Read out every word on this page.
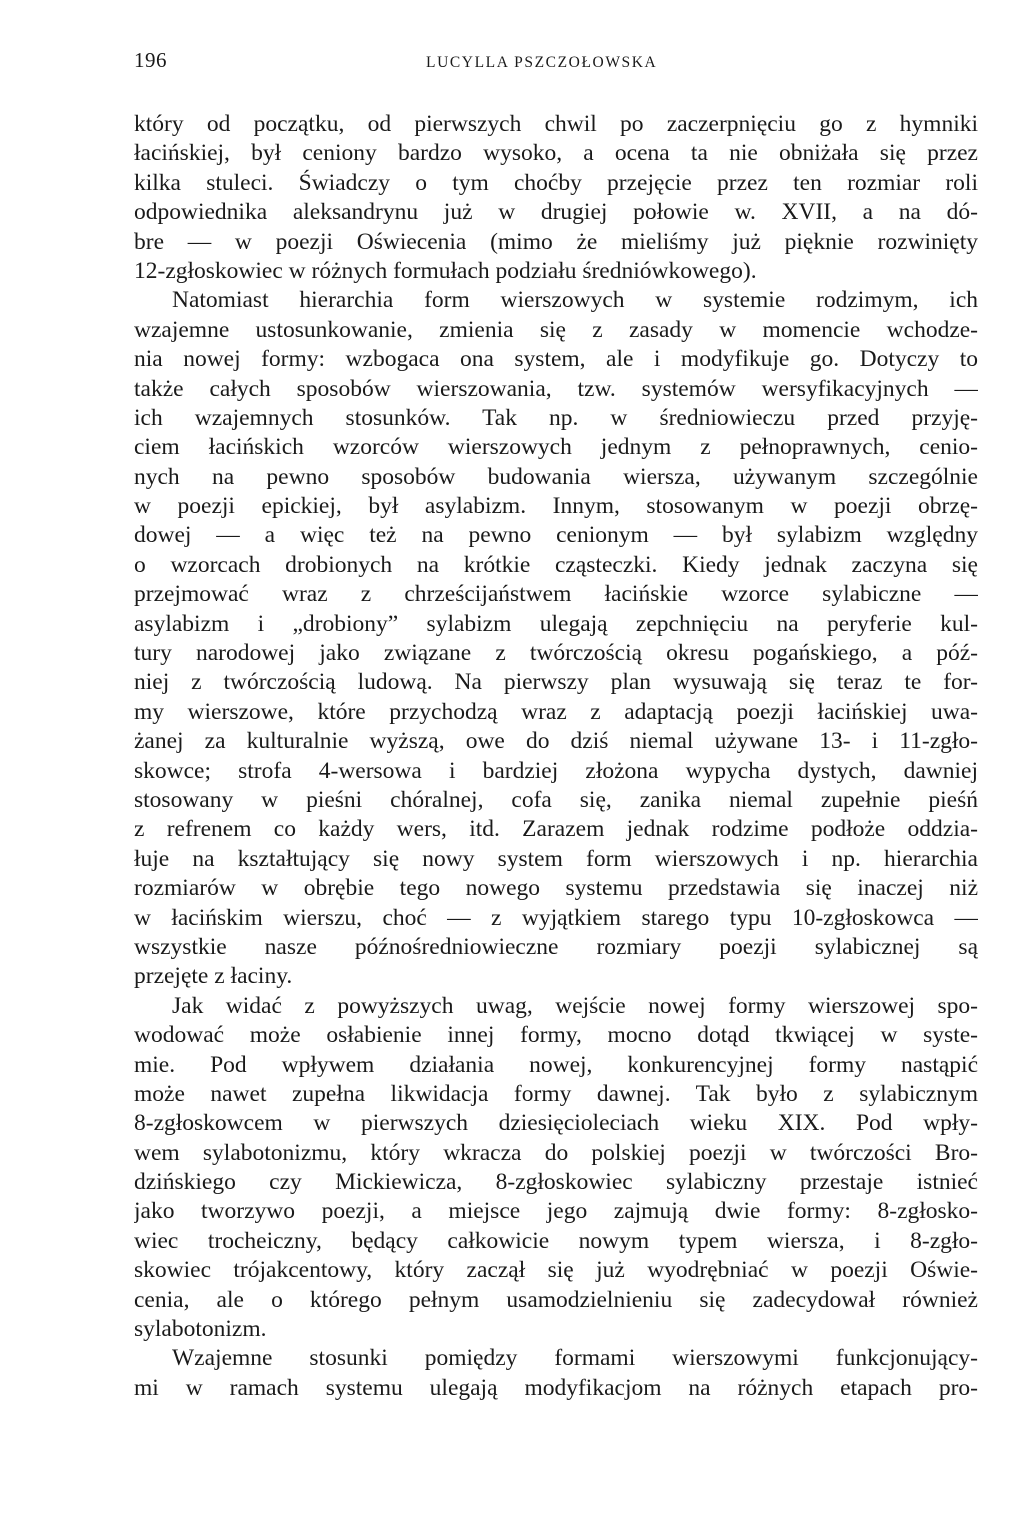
196	LUCYLLA PSZCZOŁOWSKA

który od początku, od pierwszych chwil po zaczerpnięciu go z hymniki

łacińskiej, był ceniony bardzo wysoko, a ocena ta nie obniżała się przez

kilka stuleci. Świadczy o tym choćby przejęcie przez ten rozmiar roli

odpowiednika aleksandrynu już w drugiej połowie w. XVII, a na dó-

bre — w poezji Oświecenia (mimo że mieliśmy już pięknie rozwinięty

12-zgłoskowiec w różnych formułach podziału średniówkowego).

Natomiast hierarchia form wierszowych w systemie rodzimym, ich

wzajemne ustosunkowanie, zmienia się z zasady w momencie wchodze-

nia nowej formy: wzbogaca ona system, ale i modyfikuje go. Dotyczy to

także całych sposobów wierszowania, tzw. systemów wersyfikacyjnych —

ich wzajemnych stosunków. Tak np. w średniowieczu przed przyję-

ciem łacińskich wzorców wierszowych jednym z pełnoprawnych, cenio-

nych na pewno sposobów budowania wiersza, używanym szczególnie

w poezji epickiej, był asylabizm. Innym, stosowanym w poezji obrzę-

dowej — a więc też na pewno cenionym — był sylabizm względny

o wzorcach drobionych na krótkie cząsteczki. Kiedy jednak zaczyna się

przejmować wraz z chrześcijaństwem łacińskie wzorce sylabiczne —

asylabizm i „drobiony” sylabizm ulegają zepchnięciu na peryferie kul-

tury narodowej jako związane z twórczością okresu pogańskiego, a póź-

niej z twórczością ludową. Na pierwszy plan wysuwają się teraz te for-

my wierszowe, które przychodzą wraz z adaptacją poezji łacińskiej uwa-

żanej za kulturalnie wyższą, owe do dziś niemal używane 13- i 11-zgło-

skowce; strofa 4-wersowa i bardziej złożona wypycha dystych, dawniej

stosowany w pieśni chóralnej, cofa się, zanika niemal zupełnie pieśń

z refrenem co każdy wers, itd. Zarazem jednak rodzime podłoże oddzia-

łuje na kształtujący się nowy system form wierszowych i np. hierarchia

rozmiarów w obrębie tego nowego systemu przedstawia się inaczej niż

w łacińskim wierszu, choć — z wyjątkiem starego typu 10-zgłoskowca —

wszystkie nasze późnośredniowieczne rozmiary poezji sylabicznej są

przejęte z łaciny.

Jak widać z powyższych uwag, wejście nowej formy wierszowej spo-

wodować może osłabienie innej formy, mocno dotąd tkwiącej w syste-

mie. Pod wpływem działania nowej, konkurencyjnej formy nastąpić

może nawet zupełna likwidacja formy dawnej. Tak było z sylabicznym

8-zgłoskowcem w pierwszych dziesięcioleciach wieku XIX. Pod wpły-

wem sylabotonizmu, który wkracza do polskiej poezji w twórczości Bro-

dzińskiego czy Mickiewicza, 8-zgłoskowiec sylabiczny przestaje istnieć

jako tworzywo poezji, a miejsce jego zajmują dwie formy: 8-zgłosko-

wiec trocheiczny, będący całkowicie nowym typem wiersza, i 8-zgło-

skowiec trójakcentowy, który zaczął się już wyodrębniać w poezji Oświe-

cenia, ale o którego pełnym usamodzielnieniu się zadecydował również

sylabotonizm.

Wzajemne stosunki pomiędzy formami wierszowymi funkcjonujący-

mi w ramach systemu ulegają modyfikacjom na różnych etapach pro-
